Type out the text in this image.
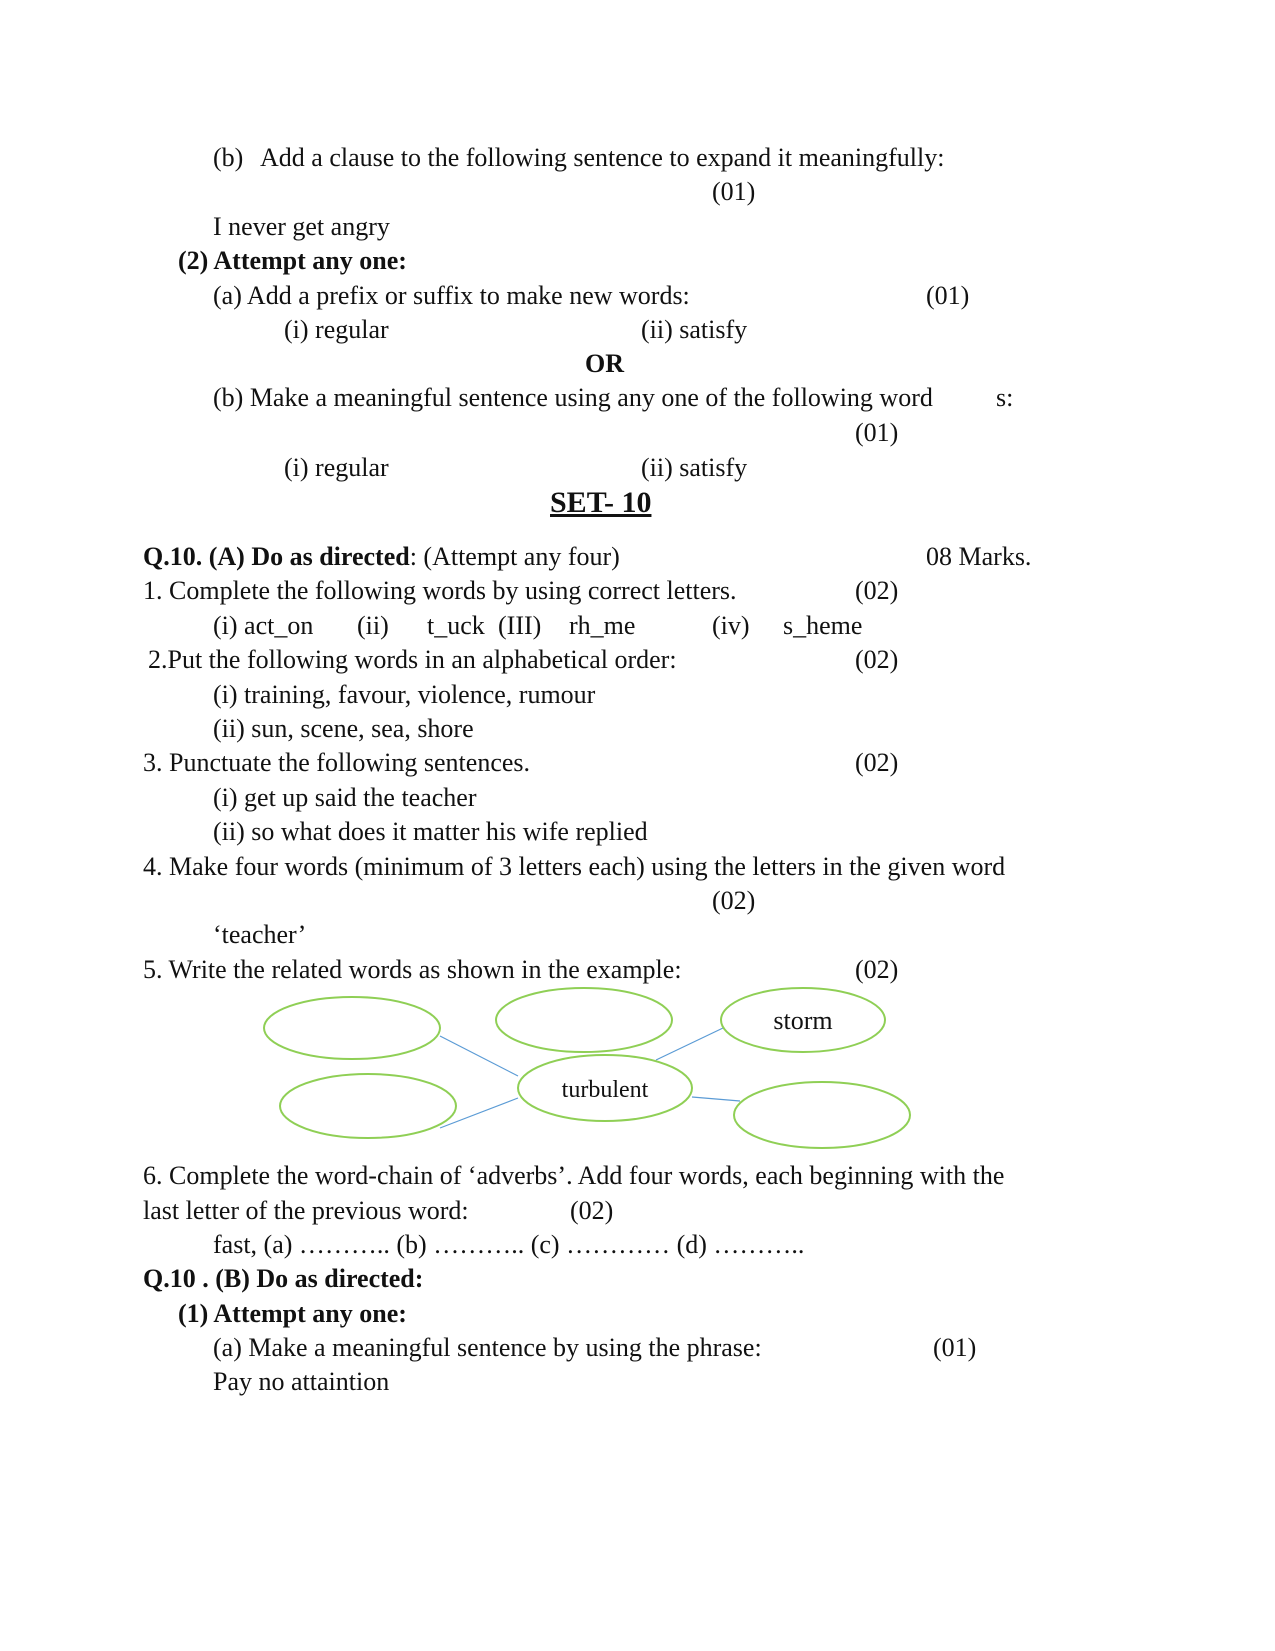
(b) Add a clause to the following sentence to expand it meaningfully:
(01)
I never get angry
(2) Attempt any one:
(a) Add a prefix or suffix to make new words:	(01)
(i) regular	(ii) satisfy
OR
(b) Make a meaningful sentence using any one of the following word s:
(01)
(i) regular	(ii) satisfy
SET- 10
Q.10. (A) Do as directed: (Attempt any four)	08 Marks.
1. Complete the following words by using correct letters.	(02)
(i) act_on (ii) t_uck (III) rh_me	(iv) s_heme
2.Put the following words in an alphabetical order:	(02)
(i) training, favour, violence, rumour
(ii) sun, scene, sea, shore
3. Punctuate the following sentences.	(02)
(i) get up said the teacher
(ii) so what does it matter his wife replied
4. Make four words (minimum of 3 letters each) using the letters in the given word
(02)
‘teacher’
5. Write the related words as shown in the example:	(02)
storm
turbulent
6. Complete the word-chain of ‘adverbs’. Add four words, each beginning with the
last letter of the previous word:	(02)
fast, (a) ……….. (b) ……….. (c) ………… (d) ………..
Q.10 . (B) Do as directed:
(1) Attempt any one:
(a) Make a meaningful sentence by using the phrase:	(01)
Pay no attaintion
